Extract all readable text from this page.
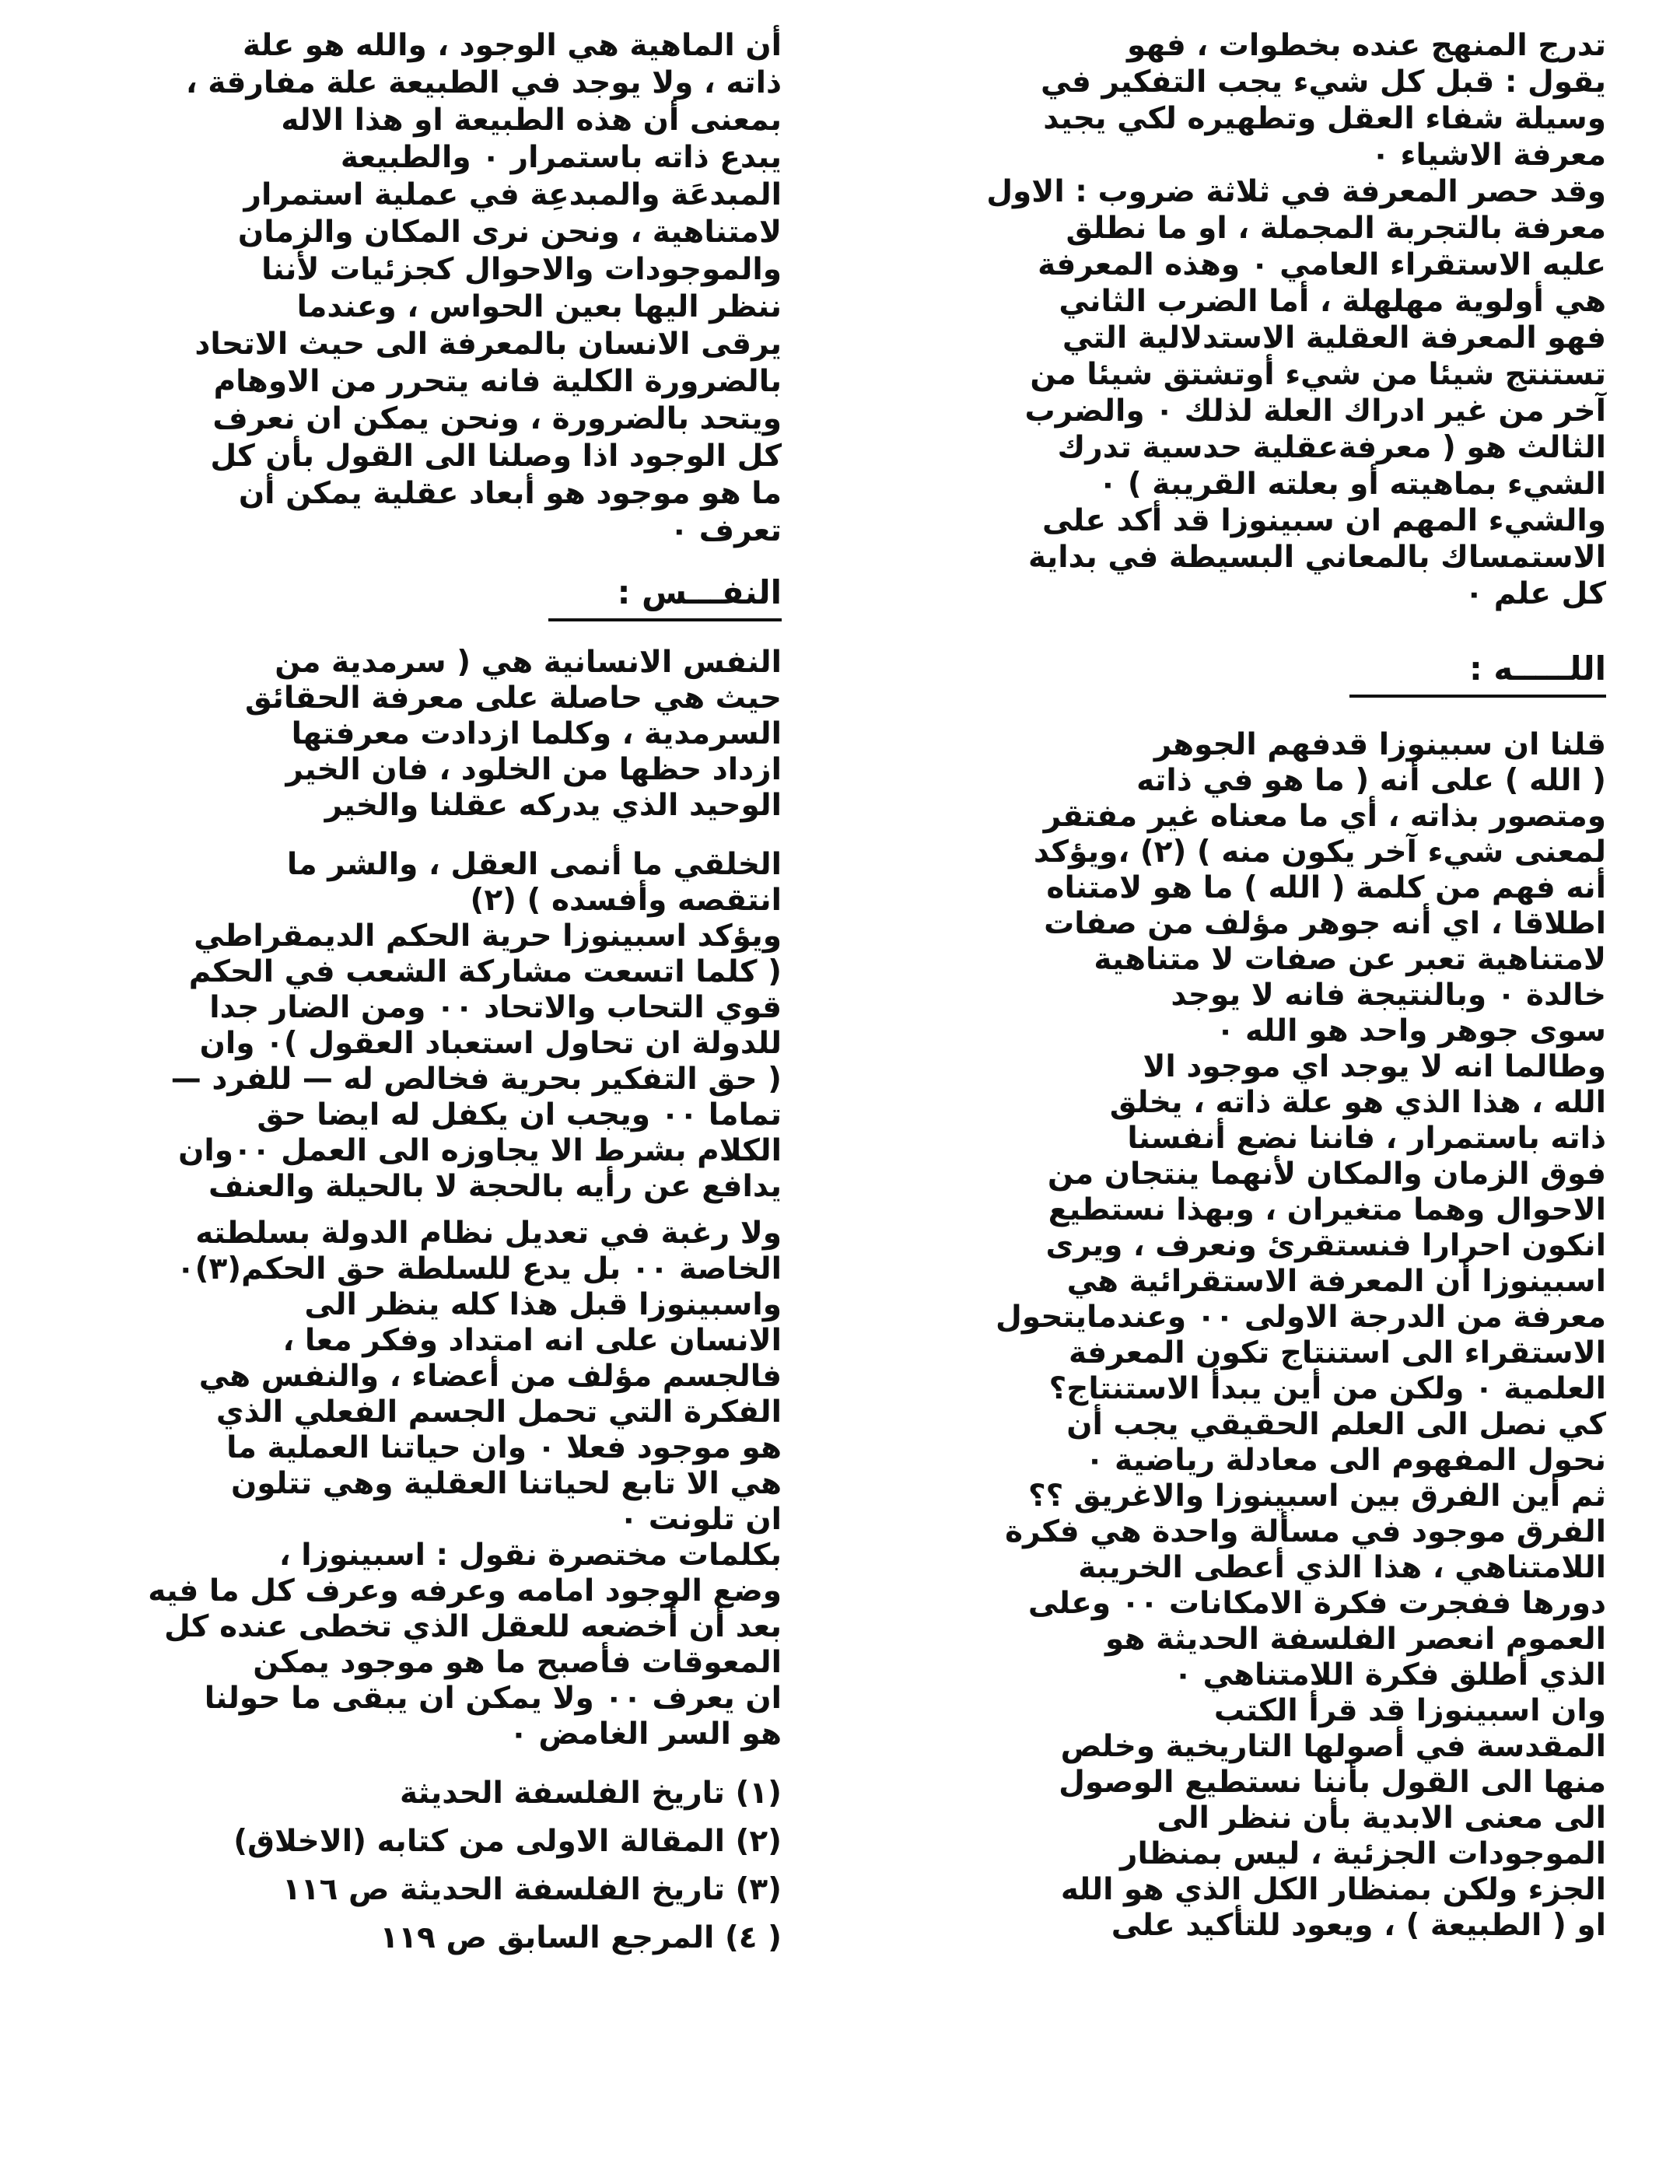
تدرج المنهج عنده بخطوات ، فهو
يقول : قبل كل شيء يجب التفكير في
وسيلة شفاء العقل وتطهيره لكي يجيد
معرفة الاشياء ٠
وقد حصر المعرفة في ثلاثة ضروب : الاول
معرفة بالتجربة المجملة ، او ما نطلق
عليه الاستقراء العامي ٠ وهذه المعرفة
هي أولوية مهلهلة ، أما الضرب الثاني
فهو المعرفة العقلية الاستدلالية التي
تستنتج شيئا من شيء أوتشتق شيئا من
آخر من غير ادراك العلة لذلك ٠ والضرب
الثالث هو ( معرفةعقلية حدسية تدرك
الشيء بماهيته أو بعلته القريبة ) ٠
والشيء المهم ان سبينوزا قد أكد على
الاستمساك بالمعاني البسيطة في بداية
كل علم ٠
اللـــــه :
قلنا ان سبينوزا قدفهم الجوهر
( الله ) على أنه ( ما هو في ذاته
ومتصور بذاته ، أي ما معناه غير مفتقر
لمعنى شيء آخر يكون منه ) (٢) ،ويؤكد
أنه فهم من كلمة ( الله ) ما هو لامتناه
اطلاقا ، اي أنه جوهر مؤلف من صفات
لامتناهية تعبر عن صفات لا متناهية
خالدة ٠ وبالنتيجة فانه لا يوجد
سوى جوهر واحد هو الله ٠
وطالما انه لا يوجد اي موجود الا
الله ، هذا الذي هو علة ذاته ، يخلق
ذاته باستمرار ، فاننا نضع أنفسنا
فوق الزمان والمكان لأنهما ينتجان من
الاحوال وهما متغيران ، وبهذا نستطيع
انكون احرارا فنستقرئ ونعرف ، ويرى
اسبينوزا أن المعرفة الاستقرائية هي
معرفة من الدرجة الاولى ٠٠ وعندمايتحول
الاستقراء الى استنتاج تكون المعرفة
العلمية ٠ ولكن من أين يبدأ الاستنتاج؟
كي نصل الى العلم الحقيقي يجب أن
نحول المفهوم الى معادلة رياضية ٠
ثم أين الفرق بين اسبينوزا والاغريق ؟؟
الفرق موجود في مسألة واحدة هي فكرة
اللامتناهي ، هذا الذي أعطى الخريبة
دورها ففجرت فكرة الامكانات ٠٠ وعلى
العموم انعصر الفلسفة الحديثة هو
الذي أطلق فكرة اللامتناهي ٠
وان اسبينوزا قد قرأ الكتب
المقدسة في أصولها التاريخية وخلص
منها الى القول بأننا نستطيع الوصول
الى معنى الابدية بأن ننظر الى
الموجودات الجزئية ، ليس بمنظار
الجزء ولكن بمنظار الكل الذي هو الله
او ( الطبيعة ) ، ويعود للتأكيد على
أن الماهية هي الوجود ، والله هو علة
ذاته ، ولا يوجد في الطبيعة علة مفارقة ،
بمعنى أن هذه الطبيعة او هذا الاله
يبدع ذاته باستمرار ٠ والطبيعة
المبدعَة والمبدعِة في عملية استمرار
لامتناهية ، ونحن نرى المكان والزمان
والموجودات والاحوال كجزئيات لأننا
ننظر اليها بعين الحواس ، وعندما
يرقى الانسان بالمعرفة الى حيث الاتحاد
بالضرورة الكلية فانه يتحرر من الاوهام
ويتحد بالضرورة ، ونحن يمكن ان نعرف
كل الوجود اذا وصلنا الى القول بأن كل
ما هو موجود هو أبعاد عقلية يمكن أن
تعرف ٠
النفـــس :
النفس الانسانية هي ( سرمدية من
حيث هي حاصلة على معرفة الحقائق
السرمدية ، وكلما ازدادت معرفتها
ازداد حظها من الخلود ، فان الخير
الوحيد الذي يدركه عقلنا والخير
الخلقي ما أنمى العقل ، والشر ما
انتقصه وأفسده ) (٢)
ويؤكد اسبينوزا حرية الحكم الديمقراطي
( كلما اتسعت مشاركة الشعب في الحكم
قوي التحاب والاتحاد ٠٠ ومن الضار جدا
للدولة ان تحاول استعباد العقول )٠ وان
( حق التفكير بحرية فخالص له — للفرد —
تماما ٠٠ ويجب ان يكفل له ايضا حق
الكلام بشرط الا يجاوزه الى العمل ٠٠وان
يدافع عن رأيه بالحجة لا بالحيلة والعنف
ولا رغبة في تعديل نظام الدولة بسلطته
الخاصة ٠٠ بل يدع للسلطة حق الحكم(٣)٠
واسبينوزا قبل هذا كله ينظر الى
الانسان على انه امتداد وفكر معا ،
فالجسم مؤلف من أعضاء ، والنفس هي
الفكرة التي تحمل الجسم الفعلي الذي
هو موجود فعلا ٠ وان حياتنا العملية ما
هي الا تابع لحياتنا العقلية وهي تتلون
ان تلونت ٠
بكلمات مختصرة نقول : اسبينوزا ،
وضع الوجود امامه وعرفه وعرف كل ما فيه
بعد أن أخضعه للعقل الذي تخطى عنده كل
المعوقات فأصبح ما هو موجود يمكن
ان يعرف ٠٠ ولا يمكن ان يبقى ما حولنا
هو السر الغامض ٠
(١) تاريخ الفلسفة الحديثة
(٢) المقالة الاولى من كتابه (الاخلاق)
(٣) تاريخ الفلسفة الحديثة ص ١١٦
( ٤) المرجع السابق ص ١١٩
